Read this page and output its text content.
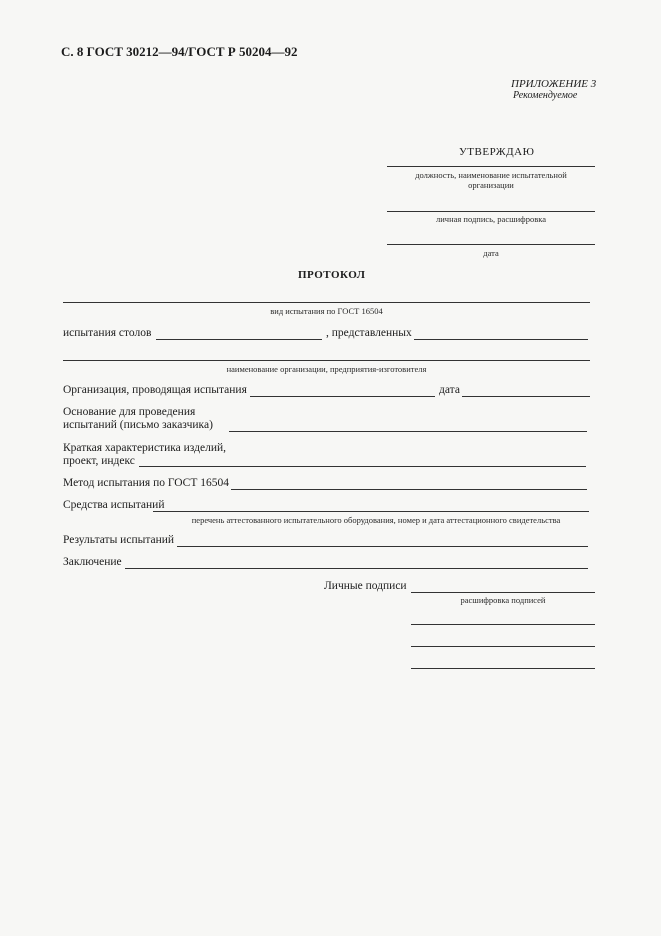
С. 8 ГОСТ 30212—94/ГОСТ Р 50204—92
ПРИЛОЖЕНИЕ 3
Рекомендуемое
УТВЕРЖДАЮ
должность, наименование испытательной
организации
личная подпись, расшифровка
дата
ПРОТОКОЛ
вид испытания по ГОСТ 16504
испытания столов	, представленных
наименование организации, предприятия-изготовителя
Организация, проводящая испытания	дата
Основание для проведения
испытаний (письмо заказчика)
Краткая характеристика изделий,
проект, индекс
Метод испытания по ГОСТ 16504
Средства испытаний
перечень аттестованного испытательного оборудования, номер и дата аттестационного свидетельства
Результаты испытаний
Заключение
Личные подписи
расшифровка подписей
